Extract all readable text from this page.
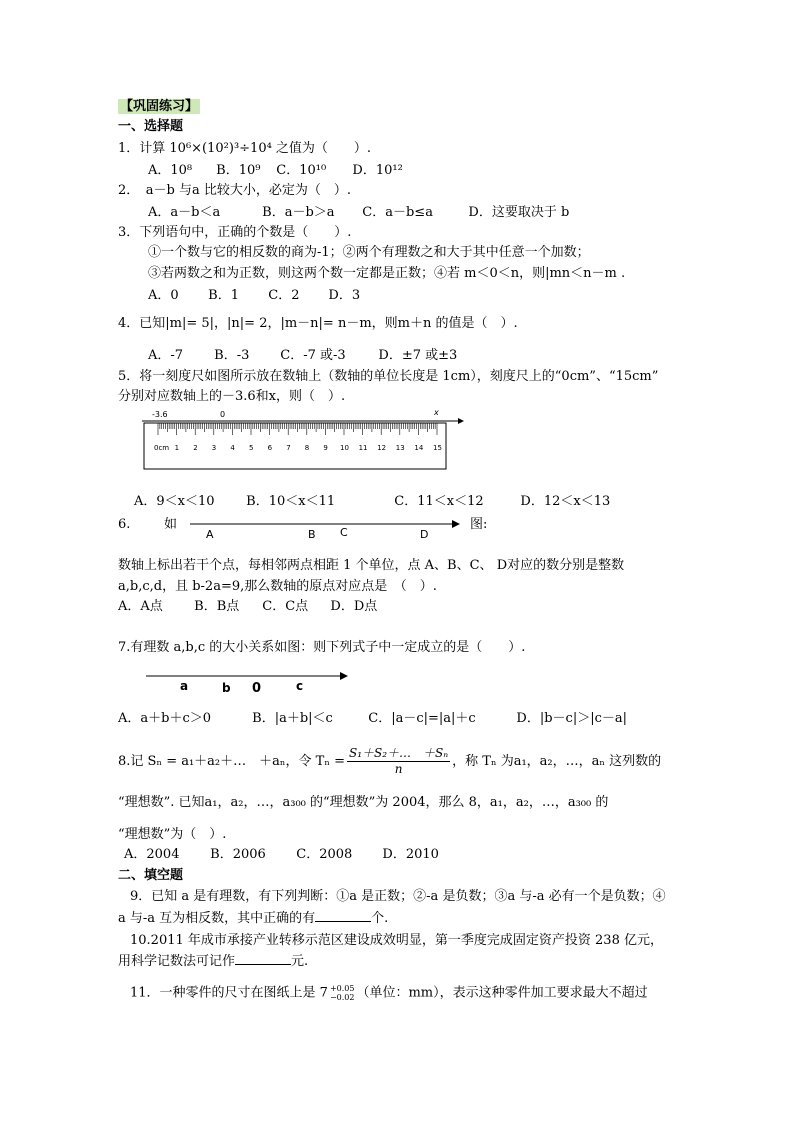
【巩固练习】
一、选择题
1．计算 10⁶×(10²)³÷10⁴ 之值为（　　）.
A．10⁸ B．10⁹ C．10¹⁰ D．10¹²
2．　a－b 与a 比较大小，必定为（　）.
A．a－b＜a	B．a－b＞a C．a－b≤a	D．这要取决于 b
3．下列语句中，正确的个数是（　　）.
①一个数与它的相反数的商为-1；②两个有理数之和大于其中任意一个加数；
③若两数之和为正数，则这两个数一定都是正数；④若 m＜0＜n，则|mn＜n－m .
A．0 B．1 C．2 D．3
4．已知|m|= 5|，|n|= 2，|m－n|= n－m，则m＋n 的值是（　）.
A．-7 B．-3 C．-7 或-3	D．±7 或±3
5．将一刻度尺如图所示放在数轴上（数轴的单位长度是 1cm），刻度尺上的“0cm”、“15cm”
分别对应数轴上的－3.6和x，则（　）.
-3.6	0	x
0cm 1 2 3 4 5 6 7 8 9 10 11 12 13 14 15
A．9＜x＜10 B．10＜x＜11	C．11＜x＜12	D．12＜x＜13
6.	如
A	B C	D
图:
数轴上标出若干个点，每相邻两点相距 1 个单位，点 A、B、C、 D对应的数分别是整数
a,b,c,d，且 b-2a=9,那么数轴的原点对应点是　（　）.
A．A点 B．B点 C．C点 D．D点
7.有理数 a,b,c 的大小关系如图：则下列式子中一定成立的是（　　）.
a	b 0	c
A．a＋b＋c＞0	B．|a＋b|＜c	C．|a－c|=|a|＋c	D．|b－c|＞|c－a|
8.记 Sₙ = a₁＋a₂＋…　＋aₙ，令 $T_n = \frac{\text{S₁＋S₂＋…　＋Sₙ}}{n}$ ，称 Tₙ 为a₁，a₂，…，aₙ 这列数的
“理想数”. 已知a₁，a₂，…，a₃₀₀ 的“理想数”为 2004，那么 8，a₁，a₂，…，a₃₀₀ 的
“理想数”为（　）.
A．2004 B．2006 C．2008 D．2010
二、填空题
9．已知 a 是有理数，有下列判断：①a 是正数；②-a 是负数；③a 与-a 必有一个是负数；④
a 与-a 互为相反数，其中正确的有	个.
10.2011 年成市承接产业转移示范区建设成效明显，第一季度完成固定资产投资 238 亿元，
用科学记数法可记作	元.
11．一种零件的尺寸在图纸上是 7 +0.05
−0.02 （单位：mm），表示这种零件加工要求最大不超过
